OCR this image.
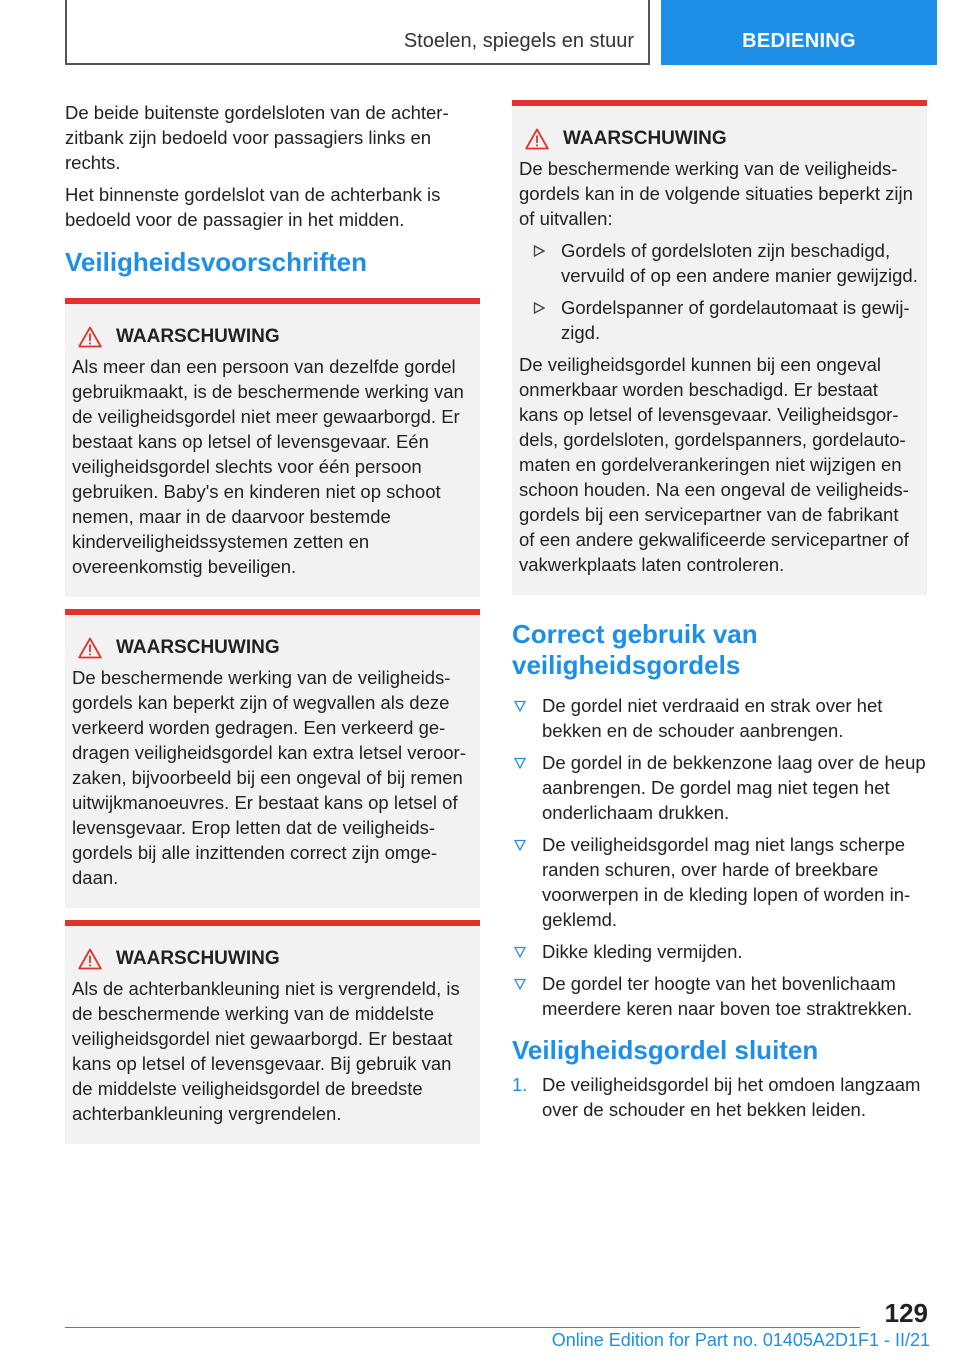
Stoelen, spiegels en stuur	BEDIENING

De beide buitenste gordelsloten van de achterzitbank zijn bedoeld voor passagiers links en rechts.

Het binnenste gordelslot van de achterbank is bedoeld voor de passagier in het midden.

Veiligheidsvoorschriften
WAARSCHUWING

Als meer dan een persoon van dezelfde gordel gebruikmaakt, is de beschermende werking van de veiligheidsgordel niet meer gewaarborgd. Er bestaat kans op letsel of levensgevaar. Eén veiligheidsgordel slechts voor één persoon gebruiken. Baby's en kinderen niet op schoot nemen, maar in de daarvoor bestemde kinderveiligheidssystemen zetten en overeenkomstig beveiligen.

WAARSCHUWING

De beschermende werking van de veiligheidsgordels kan beperkt zijn of wegvallen als deze verkeerd worden gedragen. Een verkeerd gedragen veiligheidsgordel kan extra letsel veroorzaken, bijvoorbeeld bij een ongeval of bij remen uitwijkmanoeuvres. Er bestaat kans op letsel of levensgevaar. Erop letten dat de veiligheidsgordels bij alle inzittenden correct zijn omgedaan.

WAARSCHUWING

Als de achterbankleuning niet is vergrendeld, is de beschermende werking van de middelste veiligheidsgordel niet gewaarborgd. Er bestaat kans op letsel of levensgevaar. Bij gebruik van de middelste veiligheidsgordel de breedste achterbankleuning vergrendelen.

WAARSCHUWING

De beschermende werking van de veiligheidsgordels kan in de volgende situaties beperkt zijn of uitvallen:

Gordels of gordelsloten zijn beschadigd, vervuild of op een andere manier gewijzigd.
Gordelspanner of gordelautomaat is gewijzigd.

De veiligheidsgordel kunnen bij een ongeval onmerkbaar worden beschadigd. Er bestaat kans op letsel of levensgevaar. Veiligheidsgordels, gordelsloten, gordelspanners, gordelautomaten en gordelverankeringen niet wijzigen en schoon houden. Na een ongeval de veiligheidsgordels bij een servicepartner van de fabrikant of een andere gekwalificeerde servicepartner of vakwerkplaats laten controleren.

Correct gebruik van
veiligheidsgordels
De gordel niet verdraaid en strak over het bekken en de schouder aanbrengen.
De gordel in de bekkenzone laag over de heup aanbrengen. De gordel mag niet tegen het onderlichaam drukken.
De veiligheidsgordel mag niet langs scherpe randen schuren, over harde of breekbare voorwerpen in de kleding lopen of worden ingeklemd.
Dikke kleding vermijden.
De gordel ter hoogte van het bovenlichaam meerdere keren naar boven toe straktrekken.
Veiligheidsgordel sluiten
1. De veiligheidsgordel bij het omdoen langzaam over de schouder en het bekken leiden.
129
Online Edition for Part no. 01405A2D1F1 - II/21
